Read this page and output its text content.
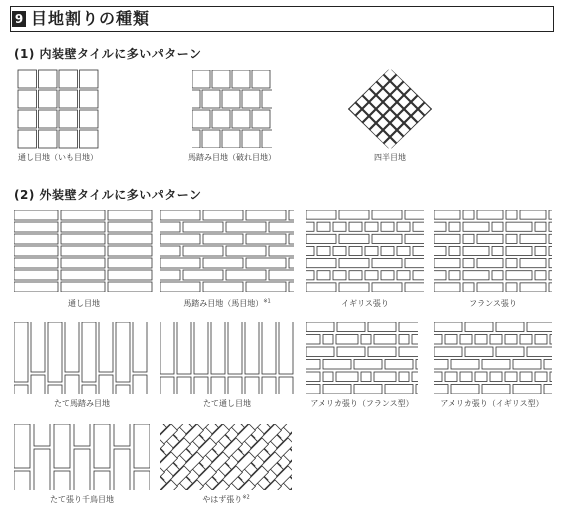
9 目地割りの種類
(1) 内装壁タイルに多いパターン
(2) 外装壁タイルに多いパターン
通し目地（いも目地）	馬踏み目地（破れ目地）	四半目地
通し目地	馬踏み目地（馬目地）$^{※1}$	イギリス張り	フランス張り
たて馬踏み目地	たて通し目地	アメリカ張り（フランス型）	アメリカ張り（イギリス型）
たて張り千鳥目地	やはず張り$^{※2}$
